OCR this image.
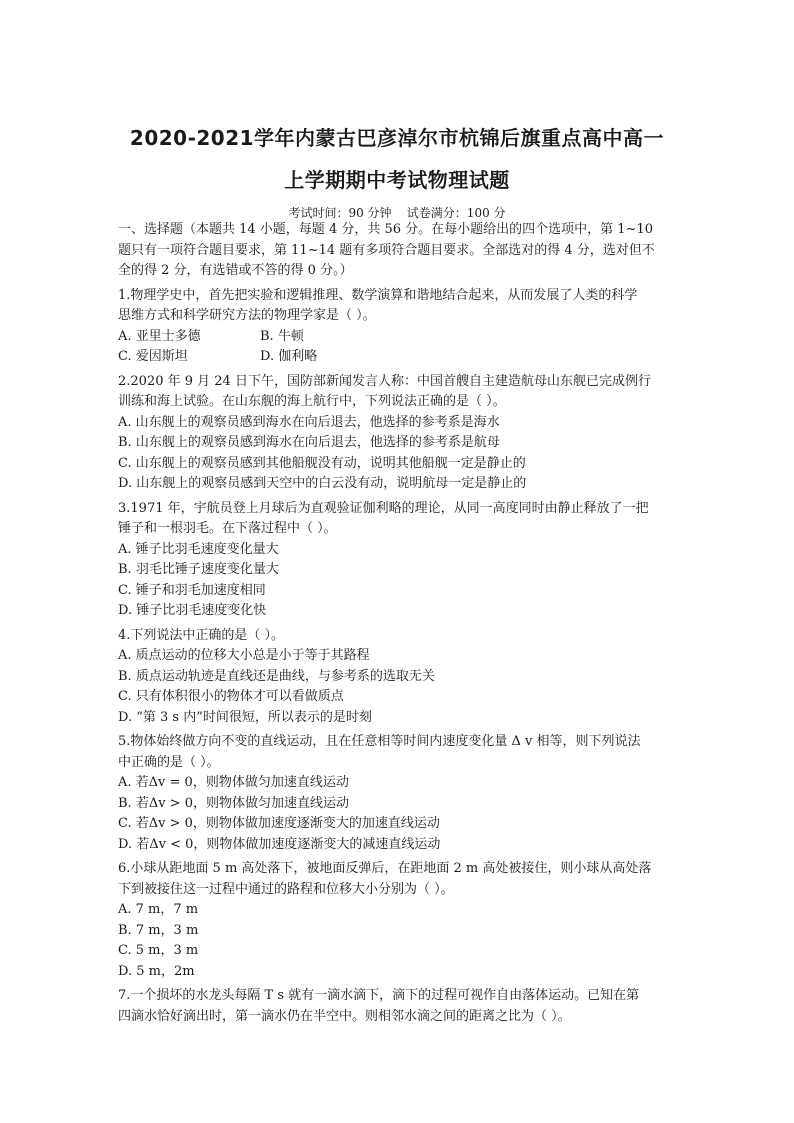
2020-2021学年内蒙古巴彦淖尔市杭锦后旗重点高中高一
上学期期中考试物理试题
考试时间：90 分钟    试卷满分：100 分
一、选择题（本题共 14 小题，每题 4 分，共 56 分。在每小题给出的四个选项中，第 1~10
题只有一项符合题目要求，第 11~14 题有多项符合题目要求。全部选对的得 4 分，选对但不
全的得 2 分，有选错或不答的得 0 分。）
1.物理学史中，首先把实验和逻辑推理、数学演算和谐地结合起来，从而发展了人类的科学
思维方式和科学研究方法的物理学家是（ ）。
A. 亚里士多德	B. 牛顿
C. 爱因斯坦	D. 伽利略
2.2020 年 9 月 24 日下午，国防部新闻发言人称：中国首艘自主建造航母山东舰已完成例行
训练和海上试验。在山东舰的海上航行中，下列说法正确的是（ ）。
A. 山东舰上的观察员感到海水在向后退去，他选择的参考系是海水
B. 山东舰上的观察员感到海水在向后退去，他选择的参考系是航母
C. 山东舰上的观察员感到其他船舰没有动，说明其他船舰一定是静止的
D. 山东舰上的观察员感到天空中的白云没有动，说明航母一定是静止的
3.1971 年，宇航员登上月球后为直观验证伽利略的理论，从同一高度同时由静止释放了一把
锤子和一根羽毛。在下落过程中（ ）。
A. 锤子比羽毛速度变化量大
B. 羽毛比锤子速度变化量大
C. 锤子和羽毛加速度相同
D. 锤子比羽毛速度变化快
4.下列说法中正确的是（ ）。
A. 质点运动的位移大小总是小于等于其路程
B. 质点运动轨迹是直线还是曲线，与参考系的选取无关
C. 只有体积很小的物体才可以看做质点
D. “第 3 s 内”时间很短，所以表示的是时刻
5.物体始终做方向不变的直线运动，且在任意相等时间内速度变化量 Δ v 相等，则下列说法
中正确的是（ ）。
A. 若Δv = 0，则物体做匀加速直线运动
B. 若Δv > 0，则物体做匀加速直线运动
C. 若Δv > 0，则物体做加速度逐渐变大的加速直线运动
D. 若Δv < 0，则物体做加速度逐渐变大的减速直线运动
6.小球从距地面 5 m 高处落下，被地面反弹后，在距地面 2 m 高处被接住，则小球从高处落
下到被接住这一过程中通过的路程和位移大小分别为（ ）。
A. 7 m，7 m
B. 7 m，3 m
C. 5 m，3 m
D. 5 m，2m
7.一个损坏的水龙头每隔 T s 就有一滴水滴下，滴下的过程可视作自由落体运动。已知在第
四滴水恰好滴出时，第一滴水仍在半空中。则相邻水滴之间的距离之比为（ ）。
